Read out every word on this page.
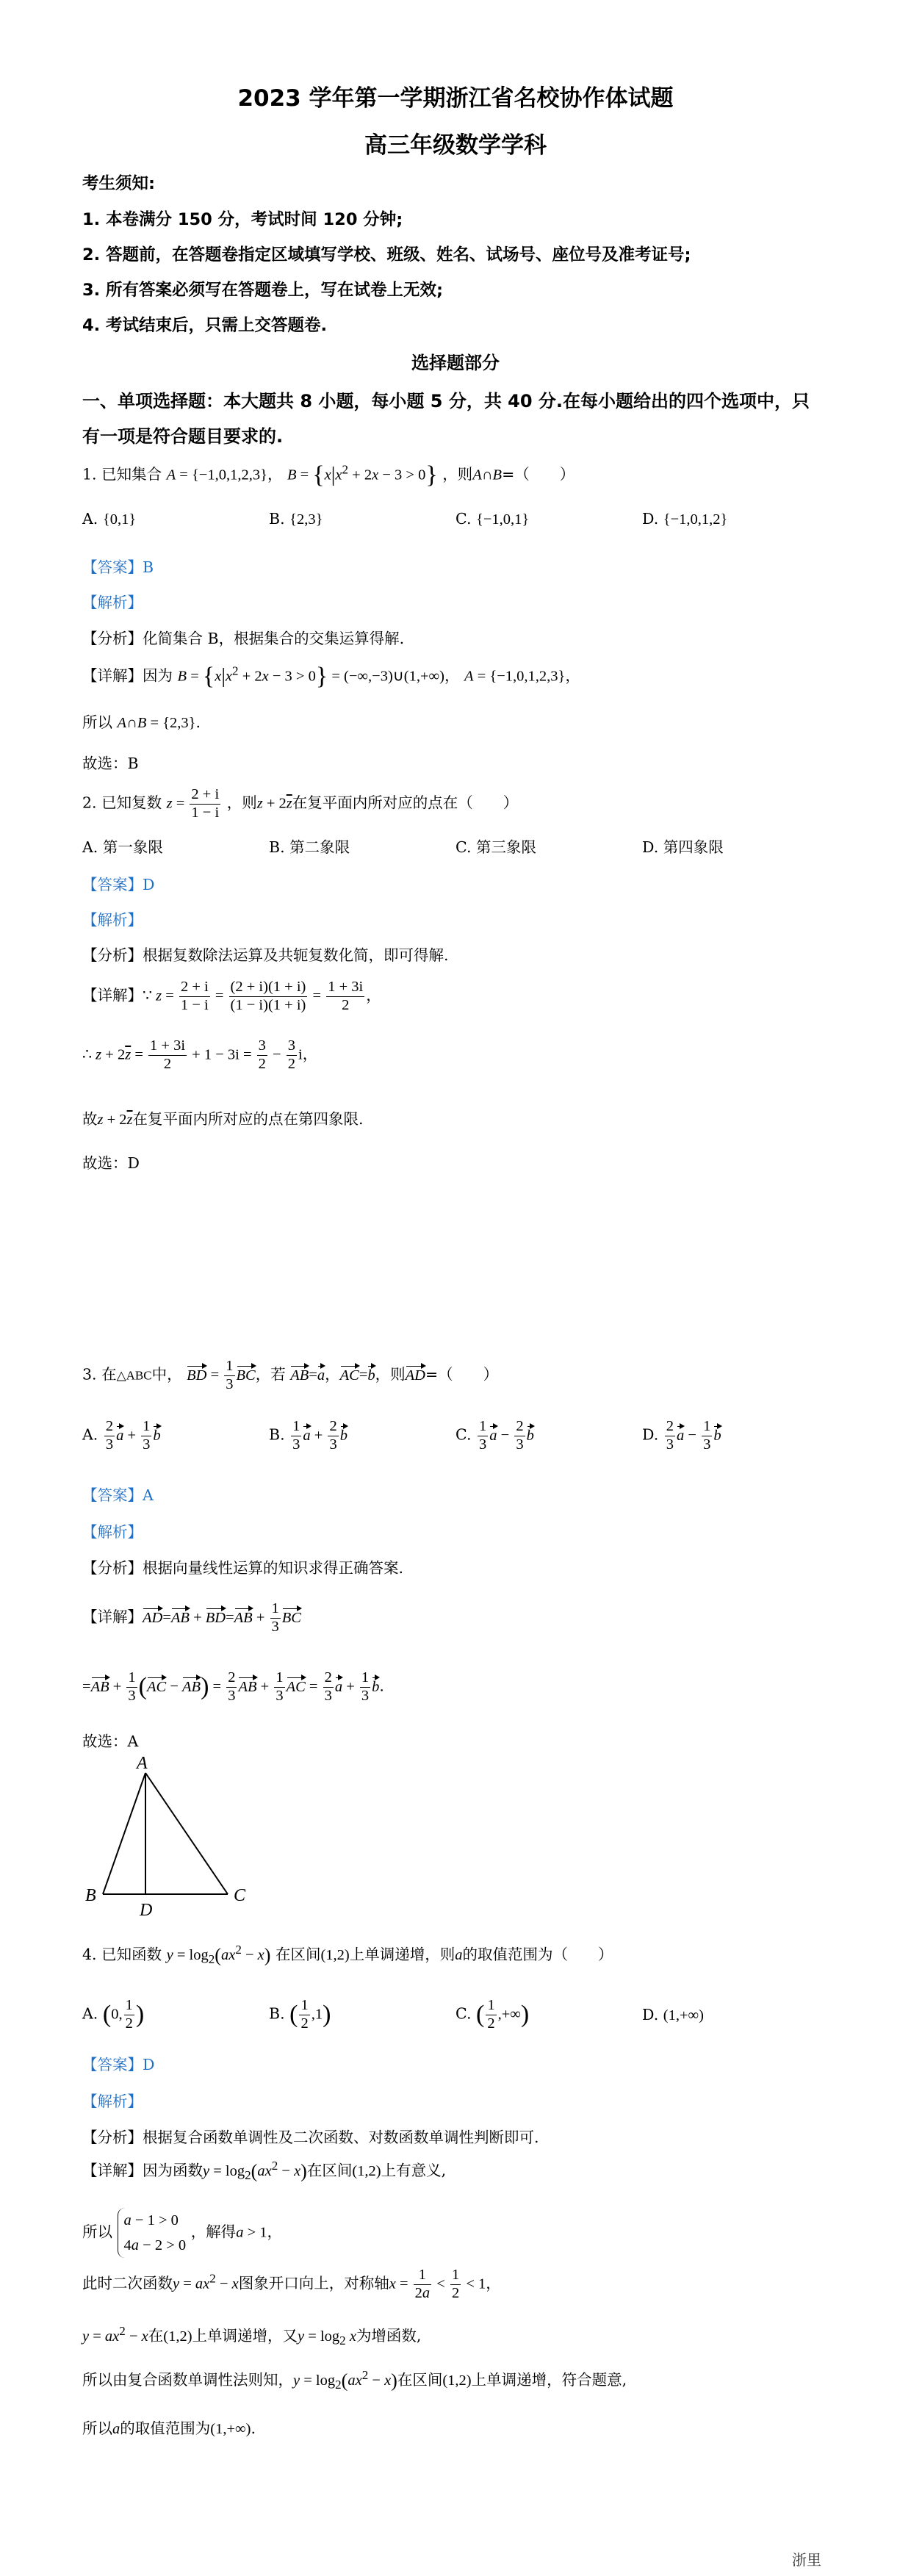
2023 学年第一学期浙江省名校协作体试题
高三年级数学学科
考生须知:
1. 本卷满分 150 分，考试时间 120 分钟;
2. 答题前，在答题卷指定区域填写学校、班级、姓名、试场号、座位号及准考证号;
3. 所有答案必须写在答题卷上，写在试卷上无效;
4. 考试结束后，只需上交答题卷.
选择题部分
一、单项选择题：本大题共 8 小题，每小题 5 分，共 40 分.在每小题给出的四个选项中，只
有一项是符合题目要求的.
1. 已知集合 A = {−1,0,1,2,3}， $B = \{x|x^2 + 2x - 3 > 0\}$ ，则A∩B=（　　）
A. {0,1}	B. {2,3}	C. {−1,0,1}	D. {−1,0,1,2}
【答案】B
【解析】
【分析】化简集合 B，根据集合的交集运算得解.
【详解】因为 $B = \{x|x^2 + 2x - 3 > 0\}$ = (−∞,−3)∪(1,+∞)， A = {−1,0,1,2,3}，
所以 A∩B = {2,3}.
故选：B
2. 已知复数 $z = \frac{2 + i}{1 - i}$ ，则$z + 2\overline{z}$在复平面内所对应的点在（　　）
A. 第一象限	B. 第二象限	C. 第三象限	D. 第四象限
【答案】D
【解析】
【分析】根据复数除法运算及共轭复数化简，即可得解.
【详解】∵ $z = \frac{2 + i}{1 - i} = \frac{(2 + i)(1 + i)}{(1 - i)(1 + i)} = \frac{1 + 3i}{2}$ ，
∴ $z + 2\overline{z} = \frac{1 + 3i}{2} + 1 - 3i = \frac{3}{2} - \frac{3}{2}$ i，
故$z + 2\overline{z}$在复平面内所对应的点在第四象限.
故选：D
3. 在△ABC中， BD = $\frac{1}{3}$ BC，若 AB=a，AC=b，则AD=（　　）
A. $\frac{2}{3}$ $a + \frac{1}{3}$ b	B. $\frac{1}{3}$ $a + \frac{2}{3}$ b	C. $\frac{1}{3}$ $a - \frac{2}{3}$ b	D. $\frac{2}{3}$ $a - \frac{1}{3}$ b
【答案】A
【解析】
【分析】根据向量线性运算的知识求得正确答案.
【详解】$AD=AB + BD=AB + \frac{1}{3}$ BC
$=AB + \frac{1}{3} (AC - AB) = \frac{2}{3}$ AB + $\frac{1}{3}$ AC = $\frac{2}{3}$ $a + \frac{1}{3} b$.
故选：A
A
B	C
D
4. 已知函数 $y = \log_2(ax^2 - x)$ 在区间(1,2)上单调递增，则a的取值范围为（　　）
A. (0, $\frac{1}{2}$ )	B. ( $\frac{1}{2} ,1$)	C. ( $\frac{1}{2}$ ,+∞)	D. (1,+∞)
【答案】D
【解析】
【分析】根据复合函数单调性及二次函数、对数函数单调性判断即可.
【详解】因为函数$y = \log_2(ax^2 - x)$在区间(1,2)上有意义,
所以
a − 1 > 0
4a − 2 > 0
，解得a > 1，
此时二次函数$y = ax^2 - x$图象开口向上，对称轴$x = \frac{1}{2a} < \frac{1}{2} < 1$，
$y = ax^2 - x$在(1,2)上单调递增，又$y = \log_2 x$为增函数,
所以由复合函数单调性法则知，$y = \log_2(ax^2 - x)$在区间(1,2)上单调递增，符合题意,
所以a的取值范围为(1,+∞).
浙里
